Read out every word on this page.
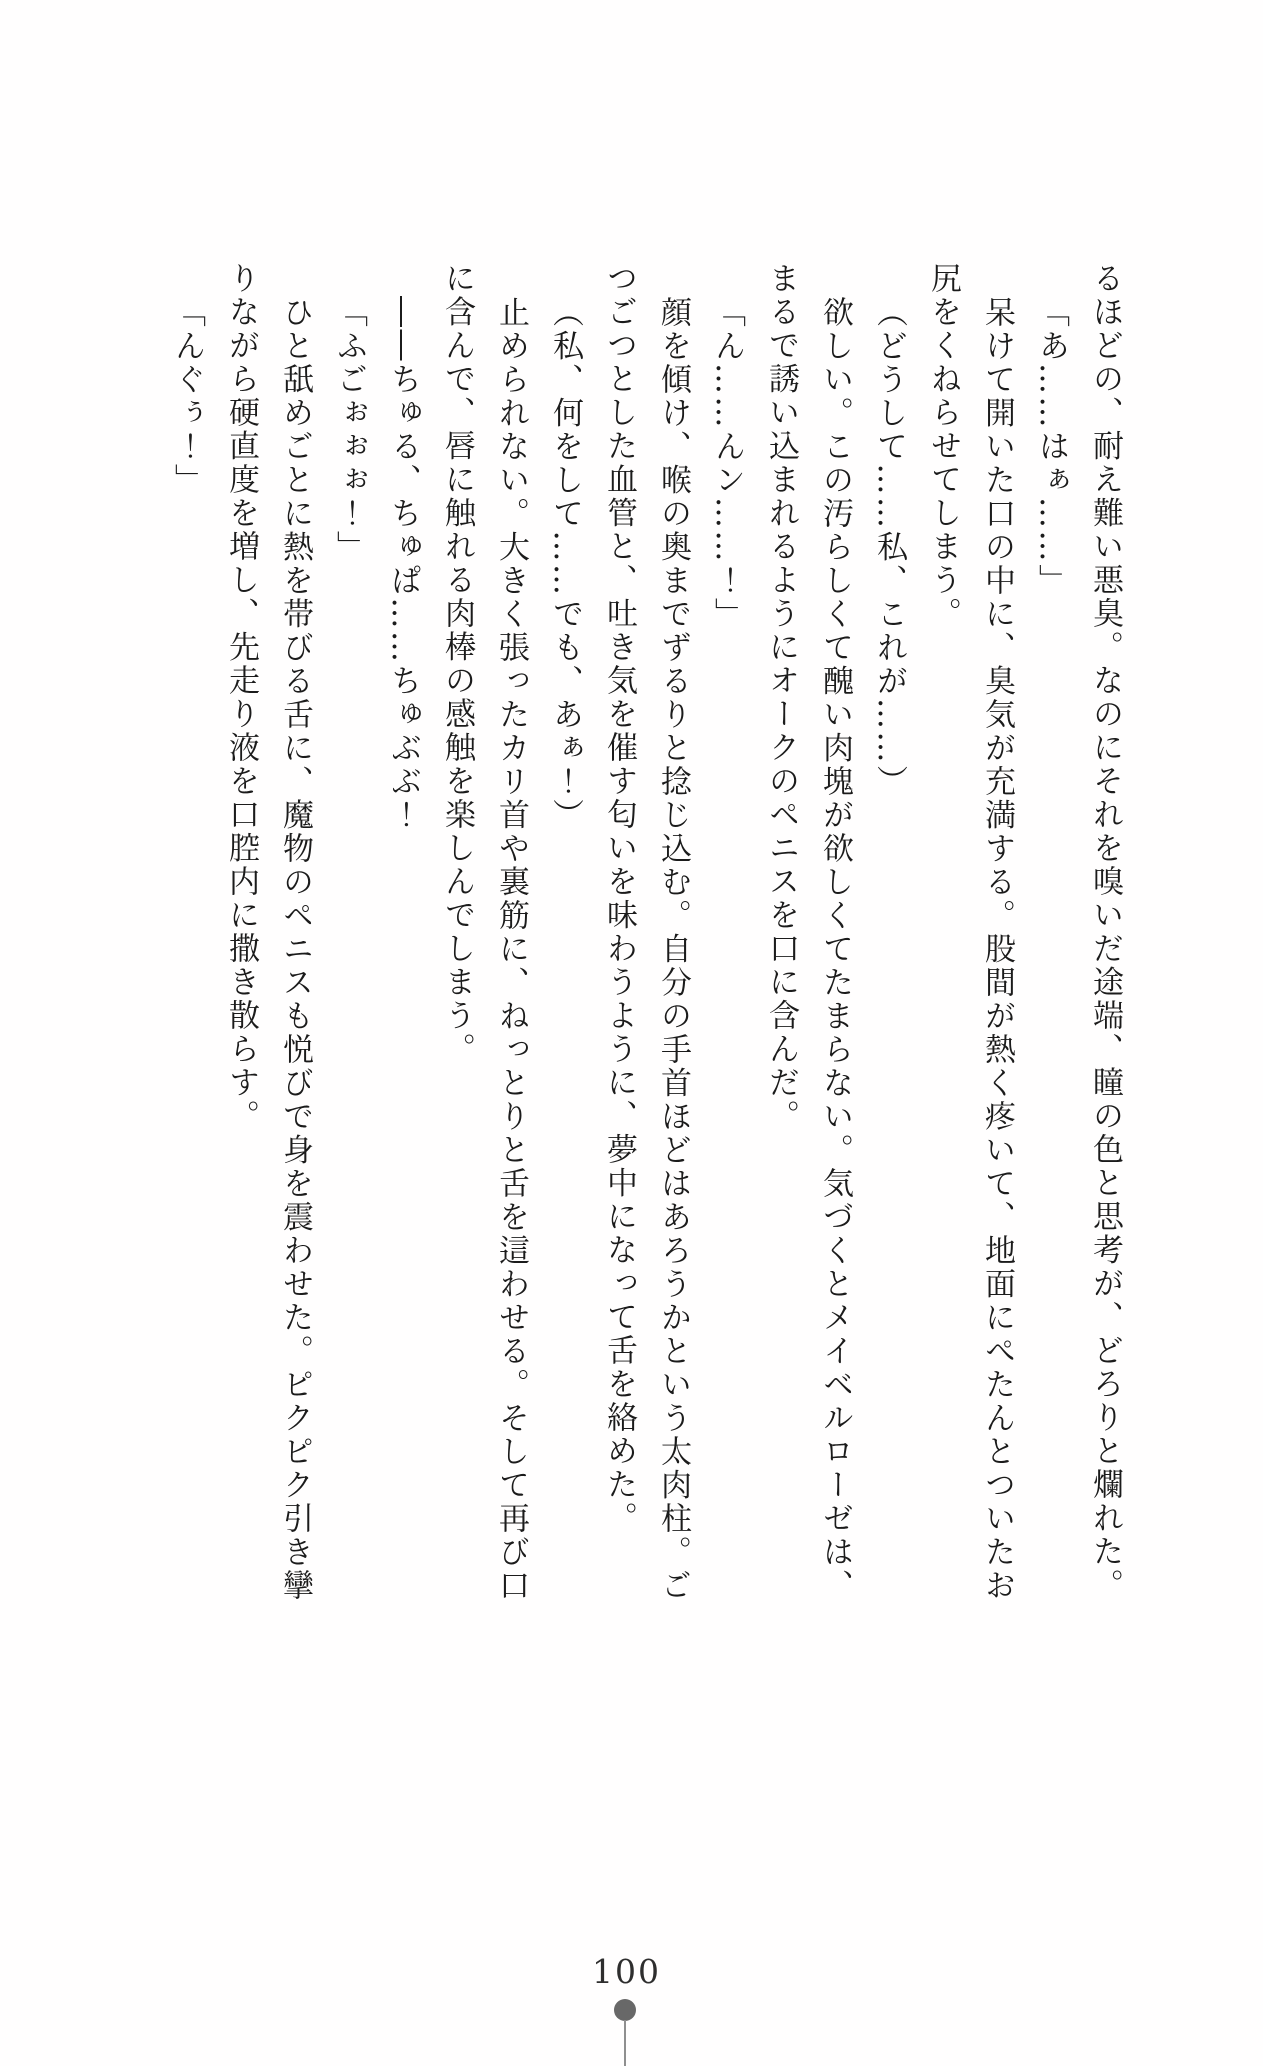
るほどの、耐え難い悪臭。なのにそれを嗅いだ途端、瞳の色と思考が、どろりと爛れた。

「あ……はぁ……」

呆けて開いた口の中に、臭気が充満する。股間が熱く疼いて、地面にぺたんとついたお

尻をくねらせてしまう。

（どうして……私、これが……）

欲しい。この汚らしくて醜い肉塊が欲しくてたまらない。気づくとメイベルローゼは、

まるで誘い込まれるようにオークのペニスを口に含んだ。

「ん……んン……！」

顔を傾け、喉の奥までずるりと捻じ込む。自分の手首ほどはあろうかという太肉柱。ご

つごつとした血管と、吐き気を催す匂いを味わうように、夢中になって舌を絡めた。

（私、何をして……でも、あぁ！）

止められない。大きく張ったカリ首や裏筋に、ねっとりと舌を這わせる。そして再び口

に含んで、唇に触れる肉棒の感触を楽しんでしまう。

――ちゅる、ちゅぱ……ちゅぶぶ！

「ふごぉぉぉ！」

ひと舐めごとに熱を帯びる舌に、魔物のペニスも悦びで身を震わせた。ピクピク引き攣

りながら硬直度を増し、先走り液を口腔内に撒き散らす。

「んぐぅ！」

100
